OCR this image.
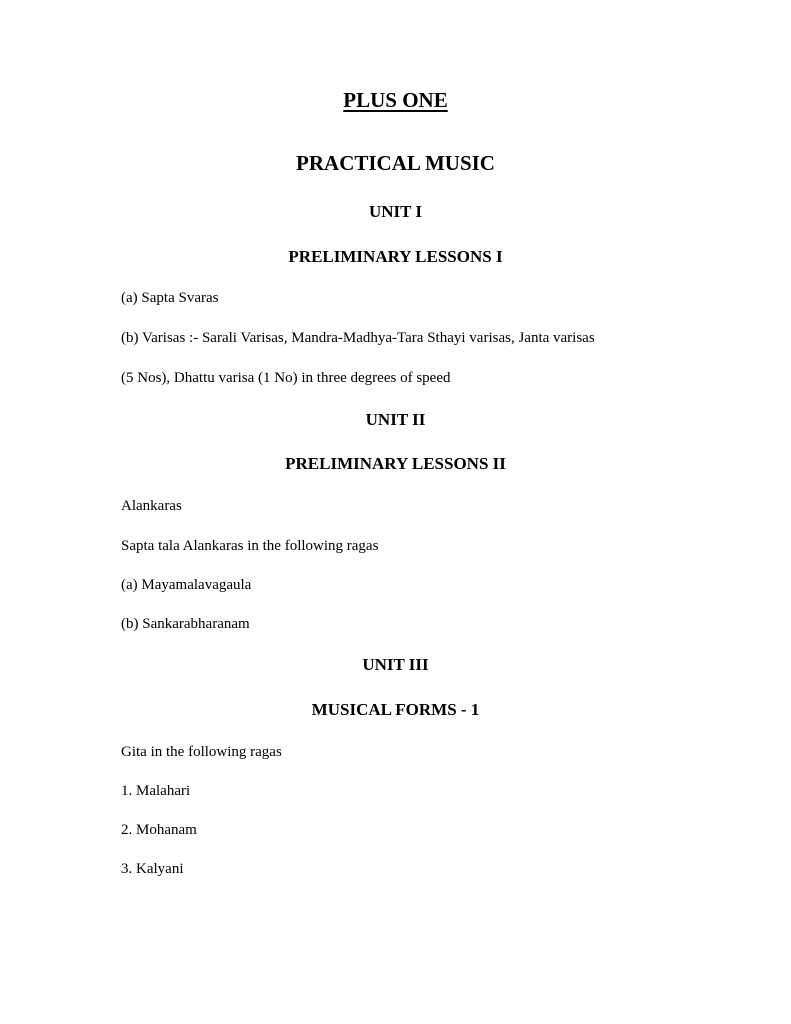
PLUS ONE
PRACTICAL MUSIC
UNIT I
PRELIMINARY LESSONS I
(a) Sapta Svaras
(b) Varisas :- Sarali Varisas, Mandra-Madhya-Tara Sthayi varisas, Janta varisas
(5 Nos), Dhattu varisa (1 No) in three degrees of speed
UNIT II
PRELIMINARY LESSONS II
Alankaras
Sapta tala Alankaras in the following ragas
(a) Mayamalavagaula
(b) Sankarabharanam
UNIT III
MUSICAL FORMS - 1
Gita in the following ragas
1. Malahari
2. Mohanam
3. Kalyani
